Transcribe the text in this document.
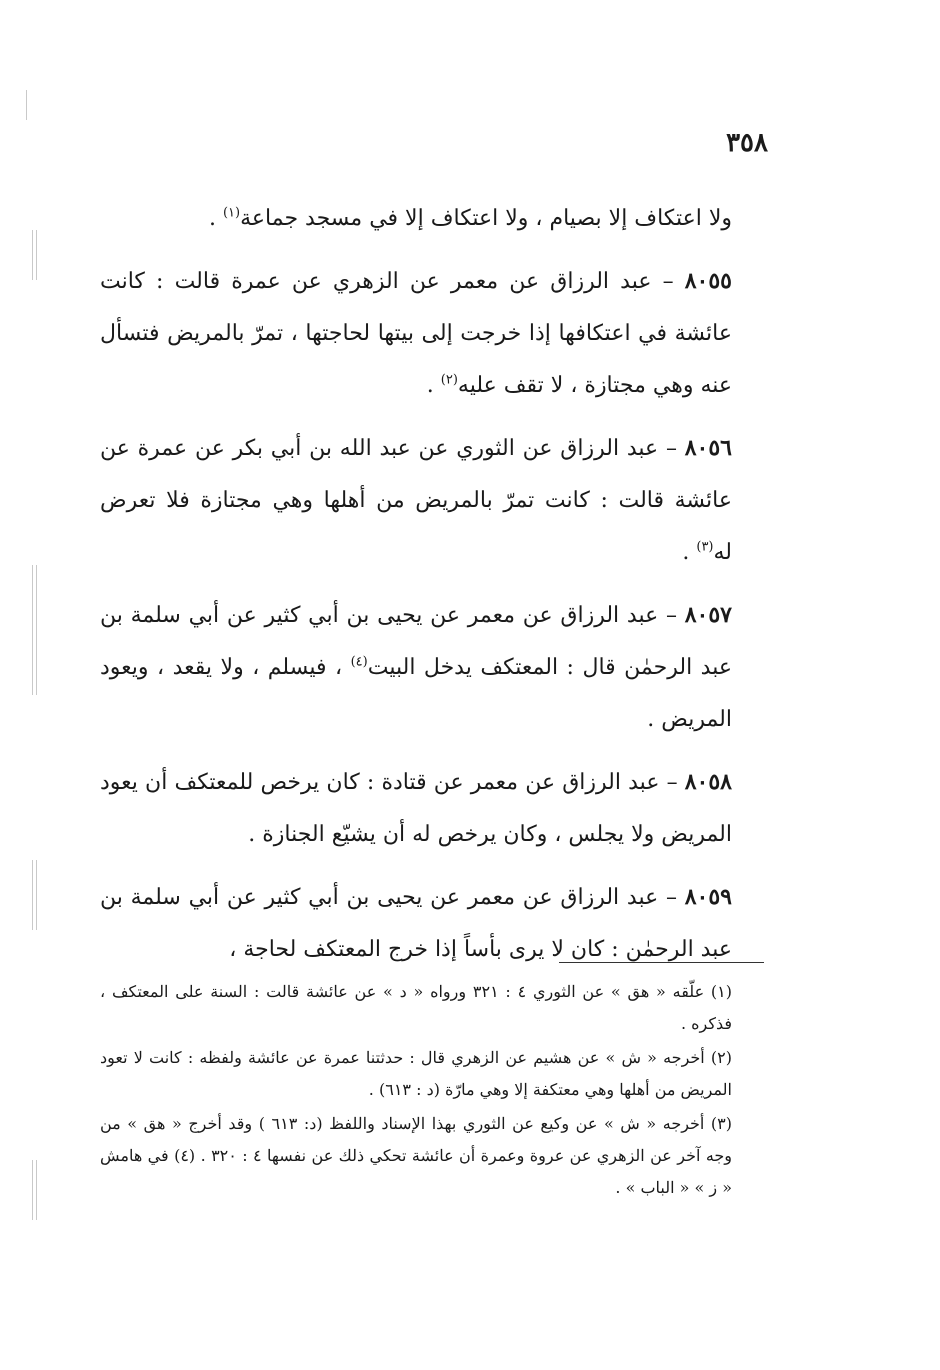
٣٥٨

ولا اعتكاف إلا بصيام ، ولا اعتكاف إلا في مسجد جماعة$^{(١)}$ .

٨٠٥٥ – عبد الرزاق عن معمر عن الزهري عن عمرة قالت : كانت عائشة في اعتكافها إذا خرجت إلى بيتها لحاجتها ، تمرّ بالمريض فتسأل عنه وهي مجتازة ، لا تقف عليه$^{(٢)}$ .

٨٠٥٦ – عبد الرزاق عن الثوري عن عبد الله بن أبي بكر عن عمرة عن عائشة قالت : كانت تمرّ بالمريض من أهلها وهي مجتازة فلا تعرض له$^{(٣)}$ .

٨٠٥٧ – عبد الرزاق عن معمر عن يحيى بن أبي كثير عن أبي سلمة بن عبد الرحمٰن قال : المعتكف يدخل البيت$^{(٤)}$ ، فيسلم ، ولا يقعد ، ويعود المريض .

٨٠٥٨ – عبد الرزاق عن معمر عن قتادة : كان يرخص للمعتكف أن يعود المريض ولا يجلس ، وكان يرخص له أن يشيّع الجنازة .

٨٠٥٩ – عبد الرزاق عن معمر عن يحيى بن أبي كثير عن أبي سلمة بن عبد الرحمٰن : كان لا يرى بأساً إذا خرج المعتكف لحاجة ،

(١) علّقه « هق » عن الثوري ٤ : ٣٢١ ورواه « د » عن عائشة قالت : السنة على المعتكف ، فذكره .

(٢) أخرجه « ش » عن هشيم عن الزهري قال : حدثتنا عمرة عن عائشة ولفظه : كانت لا تعود المريض من أهلها وهي معتكفة إلا وهي مارّة (د : ٦١٣) .

(٣) أخرجه « ش » عن وكيع عن الثوري بهذا الإسناد واللفظ (د: ٦١٣ ) وقد أخرج « هق » من وجه آخر عن الزهري عن عروة وعمرة أن عائشة تحكي ذلك عن نفسها ٤ : ٣٢٠ . (٤) في هامش « ز » « الباب » .
